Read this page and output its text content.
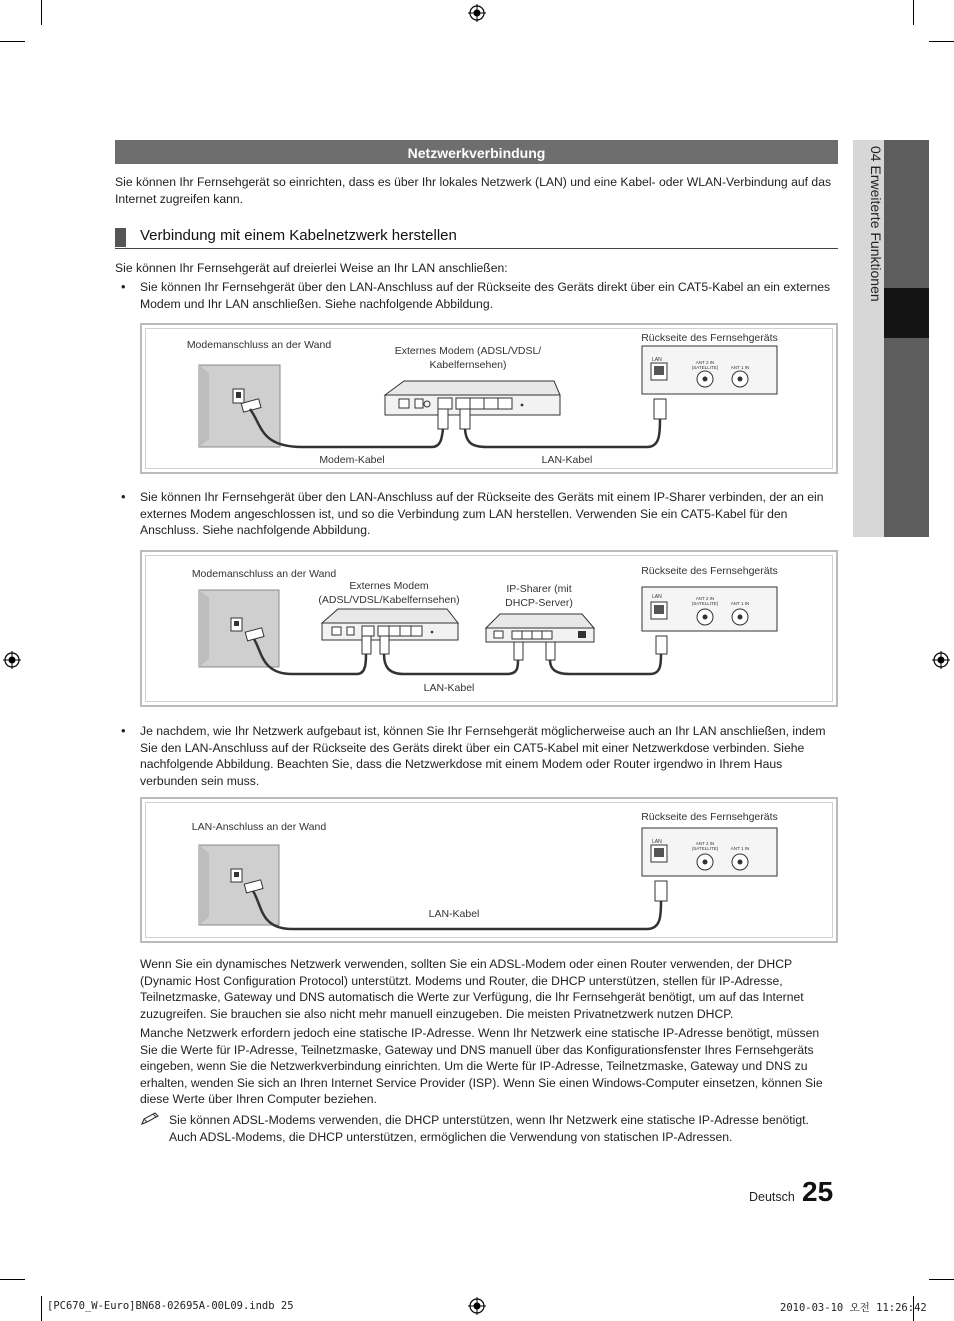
04 Erweiterte Funktionen
Netzwerkverbindung
Sie können Ihr Fernsehgerät so einrichten, dass es über Ihr lokales Netzwerk (LAN) und eine Kabel- oder WLAN-Verbindung auf das Internet zugreifen kann.
Verbindung mit einem Kabelnetzwerk herstellen
Sie können Ihr Fernsehgerät auf dreierlei Weise an Ihr LAN anschließen:
• Sie können Ihr Fernsehgerät über den LAN-Anschluss auf der Rückseite des Geräts direkt über ein CAT5-Kabel an ein externes Modem und Ihr LAN anschließen. Siehe nachfolgende Abbildung.
Modemanschluss an der Wand	Externes Modem (ADSL/VDSL/ Kabelfernsehen)
Rückseite des Fernsehgeräts
Modem-Kabel	LAN-Kabel
LAN	ANT 2 IN (SATELLITE)	ANT 1 IN
• Sie können Ihr Fernsehgerät über den LAN-Anschluss auf der Rückseite des Geräts mit einem IP-Sharer verbinden, der an ein externes Modem angeschlossen ist, und so die Verbindung zum LAN herstellen. Verwenden Sie ein CAT5-Kabel für den Anschluss. Siehe nachfolgende Abbildung.
Modemanschluss an der Wand
Externes Modem (ADSL/VDSL/Kabelfernsehen)
IP-Sharer (mit DHCP-Server)
Rückseite des Fernsehgeräts
LAN-Kabel
LAN	ANT 2 IN (SATELLITE)	ANT 1 IN
• Je nachdem, wie Ihr Netzwerk aufgebaut ist, können Sie Ihr Fernsehgerät möglicherweise auch an Ihr LAN anschließen, indem Sie den LAN-Anschluss auf der Rückseite des Geräts direkt über ein CAT5-Kabel mit einer Netzwerkdose verbinden. Siehe nachfolgende Abbildung. Beachten Sie, dass die Netzwerkdose mit einem Modem oder Router irgendwo in Ihrem Haus verbunden sein muss.
LAN-Anschluss an der Wand
Rückseite des Fernsehgeräts
LAN-Kabel
LAN	ANT 2 IN (SATELLITE)	ANT 1 IN
Wenn Sie ein dynamisches Netzwerk verwenden, sollten Sie ein ADSL-Modem oder einen Router verwenden, der DHCP (Dynamic Host Configuration Protocol) unterstützt. Modems und Router, die DHCP unterstützen, stellen für IP-Adresse, Teilnetzmaske, Gateway und DNS automatisch die Werte zur Verfügung, die Ihr Fernsehgerät benötigt, um auf das Internet zuzugreifen. Sie brauchen sie also nicht mehr manuell einzugeben. Die meisten Privatnetzwerk nutzen DHCP.
Manche Netzwerk erfordern jedoch eine statische IP-Adresse. Wenn Ihr Netzwerk eine statische IP-Adresse benötigt, müssen Sie die Werte für IP-Adresse, Teilnetzmaske, Gateway und DNS manuell über das Konfigurationsfenster Ihres Fernsehgeräts eingeben, wenn Sie die Netzwerkverbindung einrichten. Um die Werte für IP-Adresse, Teilnetzmaske, Gateway und DNS zu erhalten, wenden Sie sich an Ihren Internet Service Provider (ISP). Wenn Sie einen Windows-Computer einsetzen, können Sie diese Werte über Ihren Computer beziehen.
Sie können ADSL-Modems verwenden, die DHCP unterstützen, wenn Ihr Netzwerk eine statische IP-Adresse benötigt. Auch ADSL-Modems, die DHCP unterstützen, ermöglichen die Verwendung von statischen IP-Adressen.
Deutsch 25
[PC670_W-Euro]BN68-02695A-00L09.indb 25	2010-03-10 오전 11:26:42
